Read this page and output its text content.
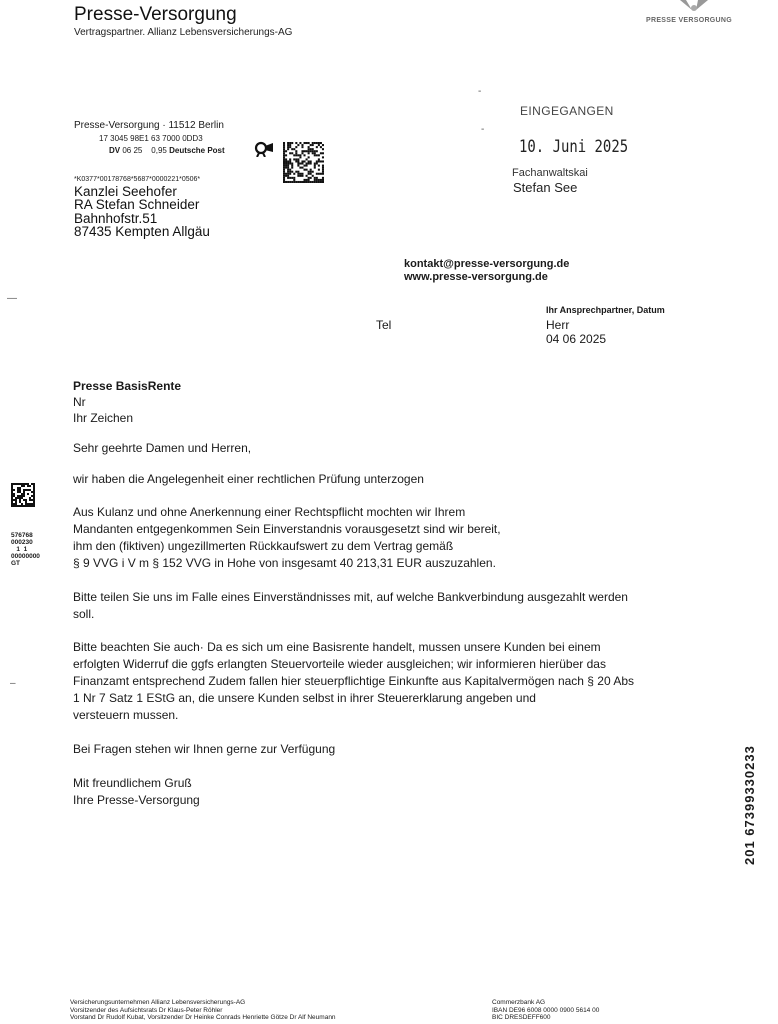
Presse-Versorgung
Vertragspartner. Allianz Lebensversicherungs-AG
PRESSE VERSORGUNG
‑
‑
EINGEGANGEN
10. Juni 2025
Fachanwaltskai
Stefan See
Presse-Versorgung · 11512 Berlin
17 3045 98E1 63 7000 0DD3
DV 06 25 0,95 Deutsche Post
*K0377*00178768*5687*0000221*0506*
Kanzlei Seehofer
RA Stefan Schneider
Bahnhofstr.51
87435 Kempten Allgäu
kontakt@presse-versorgung.de
www.presse-versorgung.de
—
Ihr Ansprechpartner, Datum
Tel	Herr
04 06 2025
Presse BasisRente
Nr
Ihr Zeichen
Sehr geehrte Damen und Herren,
wir haben die Angelegenheit einer rechtlichen Prüfung unterzogen
Aus Kulanz und ohne Anerkennung einer Rechtspflicht mochten wir Ihrem
Mandanten entgegenkommen Sein Einverstandnis vorausgesetzt sind wir bereit,
ihm den (fiktiven) ungezillmerten Rückkaufswert zu dem Vertrag gemäß
§ 9 VVG i V m § 152 VVG in Hohe von insgesamt 40 213,31 EUR auszuzahlen.
Bitte teilen Sie uns im Falle eines Einverständnisses mit, auf welche Bankverbindung ausgezahlt werden
soll.
Bitte beachten Sie auch· Da es sich um eine Basisrente handelt, mussen unsere Kunden bei einem
erfolgten Widerruf die ggfs erlangten Steuervorteile wieder ausgleichen; wir informieren hierüber das
Finanzamt entsprechend Zudem fallen hier steuerpflichtige Einkunfte aus Kapitalvermögen nach § 20 Abs
1 Nr 7 Satz 1 EStG an, die unsere Kunden selbst in ihrer Steuererklarung angeben und
versteuern mussen.
–
Bei Fragen stehen wir Ihnen gerne zur Verfügung
Mit freundlichem Gruß
Ihre Presse-Versorgung
576768
000230
1  1
00000000
GT
201 67399330233
Versicherungsunternehmen Allianz Lebensversicherungs-AG
Vorsitzender des Aufsichtsrats Dr Klaus-Peter Röhler
Vorstand Dr Rudolf Kubat, Vorsitzender Dr Heinke Conrads Henriette Götze Dr Alf Neumann
Commerzbank AG
IBAN DE96 6008 0000 0900 5614 00
BIC DRESDEFF600
